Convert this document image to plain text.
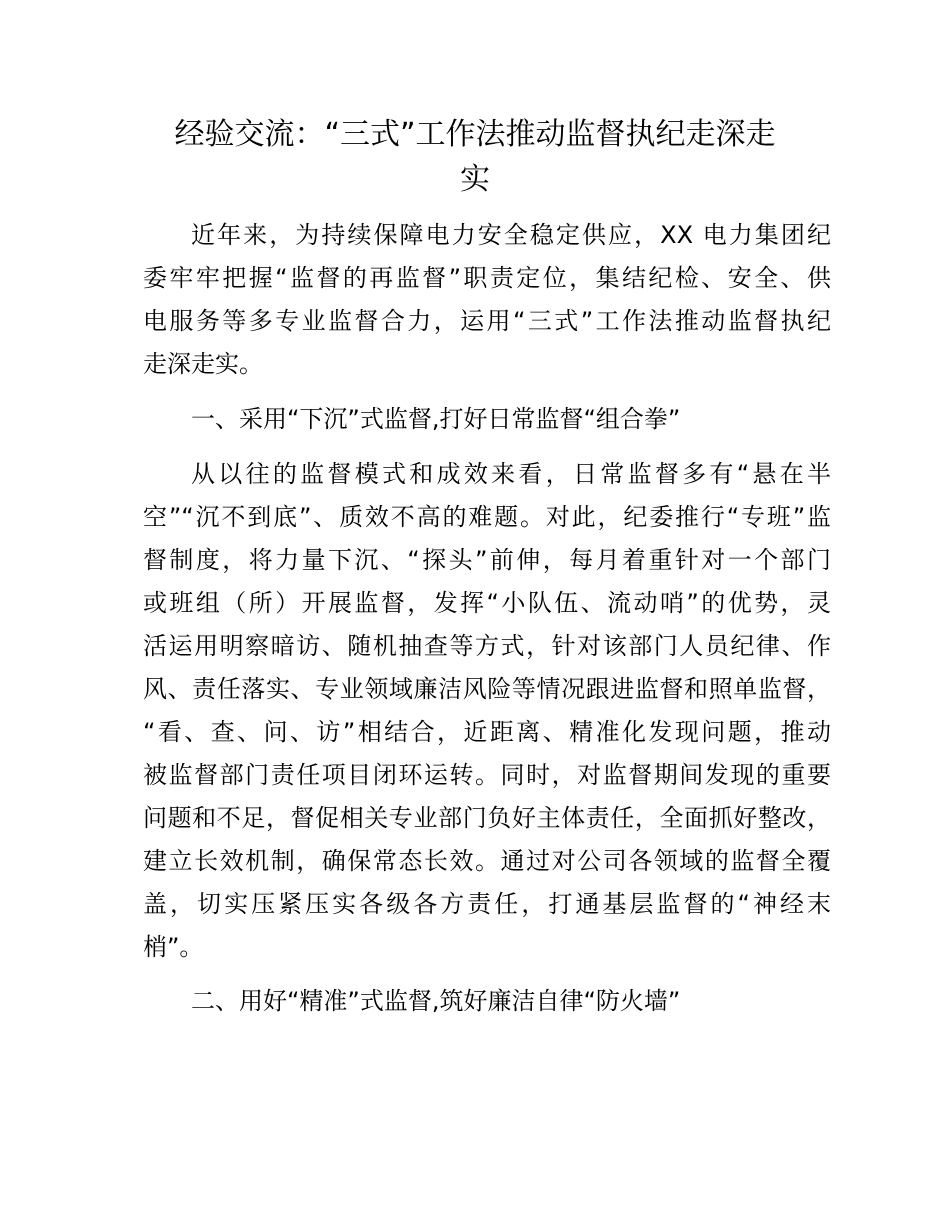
经验交流：“三式”工作法推动监督执纪走深走
实
近年来，为持续保障电力安全稳定供应，XX 电力集团纪
委牢牢把握“监督的再监督”职责定位，集结纪检、安全、供
电服务等多专业监督合力，运用“三式”工作法推动监督执纪
走深走实。
一、采用“下沉”式监督,打好日常监督“组合拳”
从以往的监督模式和成效来看，日常监督多有“悬在半
空”“沉不到底”、质效不高的难题。对此，纪委推行“专班”监
督制度，将力量下沉、“探头”前伸，每月着重针对一个部门
或班组（所）开展监督，发挥“小队伍、流动哨”的优势，灵
活运用明察暗访、随机抽查等方式，针对该部门人员纪律、作
风、责任落实、专业领域廉洁风险等情况跟进监督和照单监督，
“看、查、问、访”相结合，近距离、精准化发现问题，推动
被监督部门责任项目闭环运转。同时，对监督期间发现的重要
问题和不足，督促相关专业部门负好主体责任，全面抓好整改，
建立长效机制，确保常态长效。通过对公司各领域的监督全覆
盖，切实压紧压实各级各方责任，打通基层监督的“神经末
梢”。
二、用好“精准”式监督,筑好廉洁自律“防火墙”
